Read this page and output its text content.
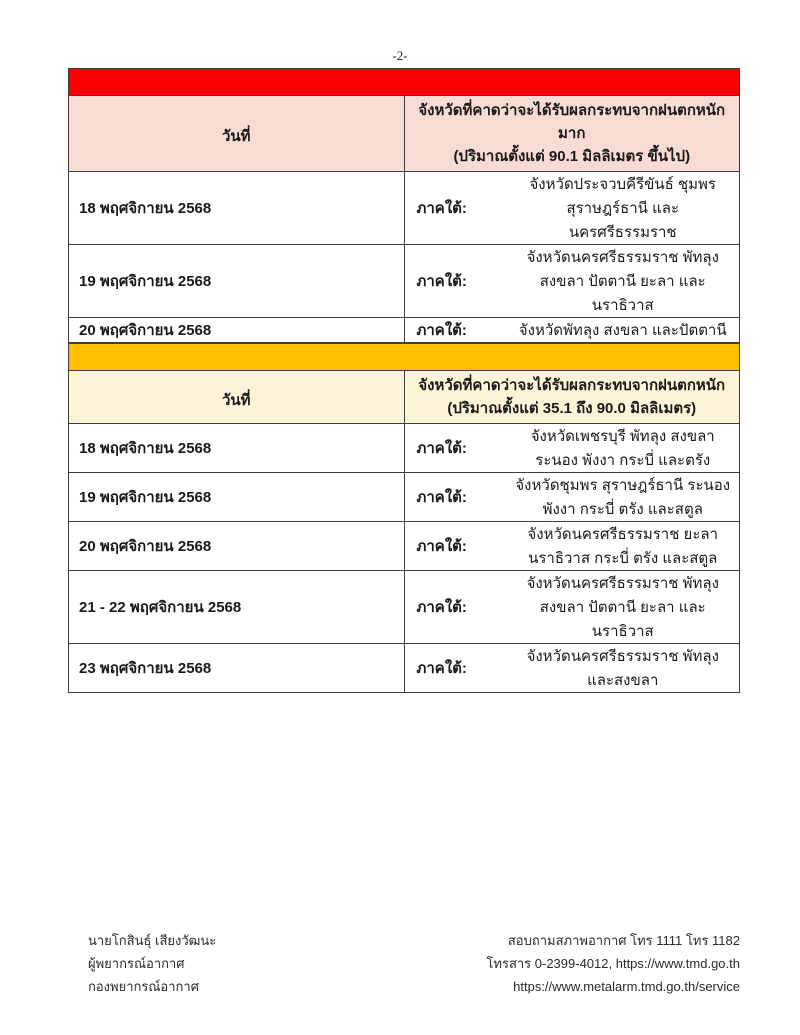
-2-

วันที่	จังหวัดที่คาดว่าจะได้รับผลกระทบจากฝนตกหนักมาก
(ปริมาณตั้งแต่ 90.1 มิลลิเมตร ขึ้นไป)

18 พฤศจิกายน 2568	ภาคใต้:
จังหวัดประจวบคีรีขันธ์ ชุมพร สุราษฎร์ธานี และนครศรีธรรมราช

19 พฤศจิกายน 2568	ภาคใต้:
จังหวัดนครศรีธรรมราช พัทลุง สงขลา ปัตตานี ยะลา และนราธิวาส

20 พฤศจิกายน 2568	ภาคใต้: จังหวัดพัทลุง สงขลา และปัตตานี

วันที่	จังหวัดที่คาดว่าจะได้รับผลกระทบจากฝนตกหนัก
(ปริมาณตั้งแต่ 35.1 ถึง 90.0 มิลลิเมตร)

18 พฤศจิกายน 2568	ภาคใต้:
จังหวัดเพชรบุรี พัทลุง สงขลา ระนอง พังงา กระบี่ และตรัง

19 พฤศจิกายน 2568	ภาคใต้:
จังหวัดชุมพร สุราษฎร์ธานี ระนอง พังงา กระบี่ ตรัง และสตูล

20 พฤศจิกายน 2568	ภาคใต้:
จังหวัดนครศรีธรรมราช ยะลา นราธิวาส กระบี่ ตรัง และสตูล

21 - 22 พฤศจิกายน 2568	ภาคใต้:
จังหวัดนครศรีธรรมราช พัทลุง สงขลา ปัตตานี ยะลา และนราธิวาส

23 พฤศจิกายน 2568	ภาคใต้:
จังหวัดนครศรีธรรมราช พัทลุง และสงขลา
นายโกสินธุ์ เสียงวัฒนะ
ผู้พยากรณ์อากาศ
กองพยากรณ์อากาศ
สอบถามสภาพอากาศ โทร 1111 โทร 1182
โทรสาร 0-2399-4012, https://www.tmd.go.th
https://www.metalarm.tmd.go.th/service
